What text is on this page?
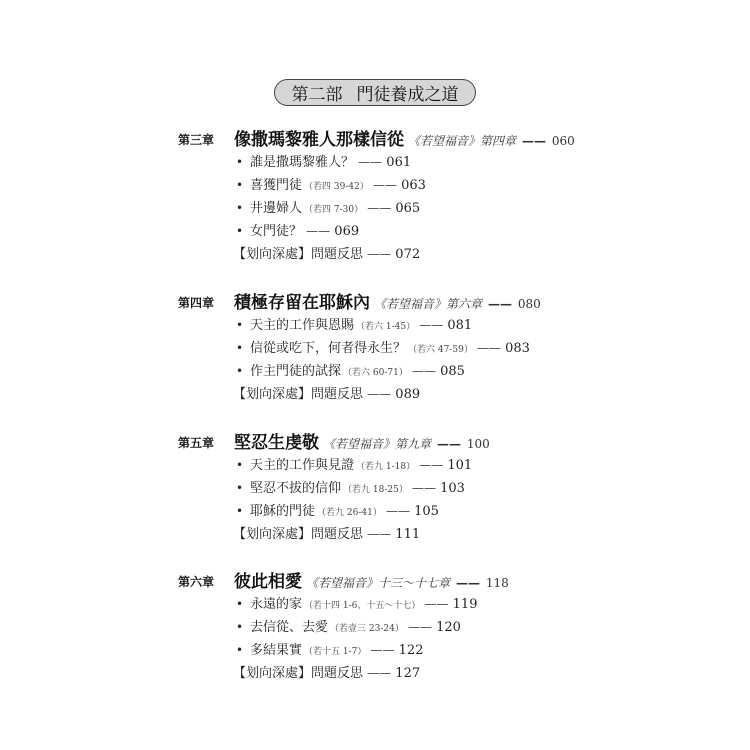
第二部 門徒養成之道
第三章 像撒瑪黎雅人那樣信從 《若望福音》第四章 —— 060
• 誰是撒瑪黎雅人？ —— 061
• 喜獲門徒 （若四 39-42） —— 063
• 井邊婦人 （若四 7-30） —— 065
• 女門徒？ —— 069
【划向深處】問題反思 —— 072
第四章 積極存留在耶穌內 《若望福音》第六章 —— 080
• 天主的工作與恩賜 （若六 1-45） —— 081
• 信從或吃下，何者得永生？ （若六 47-59） —— 083
• 作主門徒的試探 （若六 60-71） —— 085
【划向深處】問題反思 —— 089
第五章 堅忍生虔敬 《若望福音》第九章 —— 100
• 天主的工作與見證 （若九 1-18） —— 101
• 堅忍不拔的信仰 （若九 18-25） —— 103
• 耶穌的門徒 （若九 26-41） —— 105
【划向深處】問題反思 —— 111
第六章 彼此相愛 《若望福音》十三～十七章 —— 118
• 永遠的家 （若十四 1-6、十五～十七） —— 119
• 去信從、去愛 （若壹三 23-24） —— 120
• 多結果實 （若十五 1-7） —— 122
【划向深處】問題反思 —— 127
